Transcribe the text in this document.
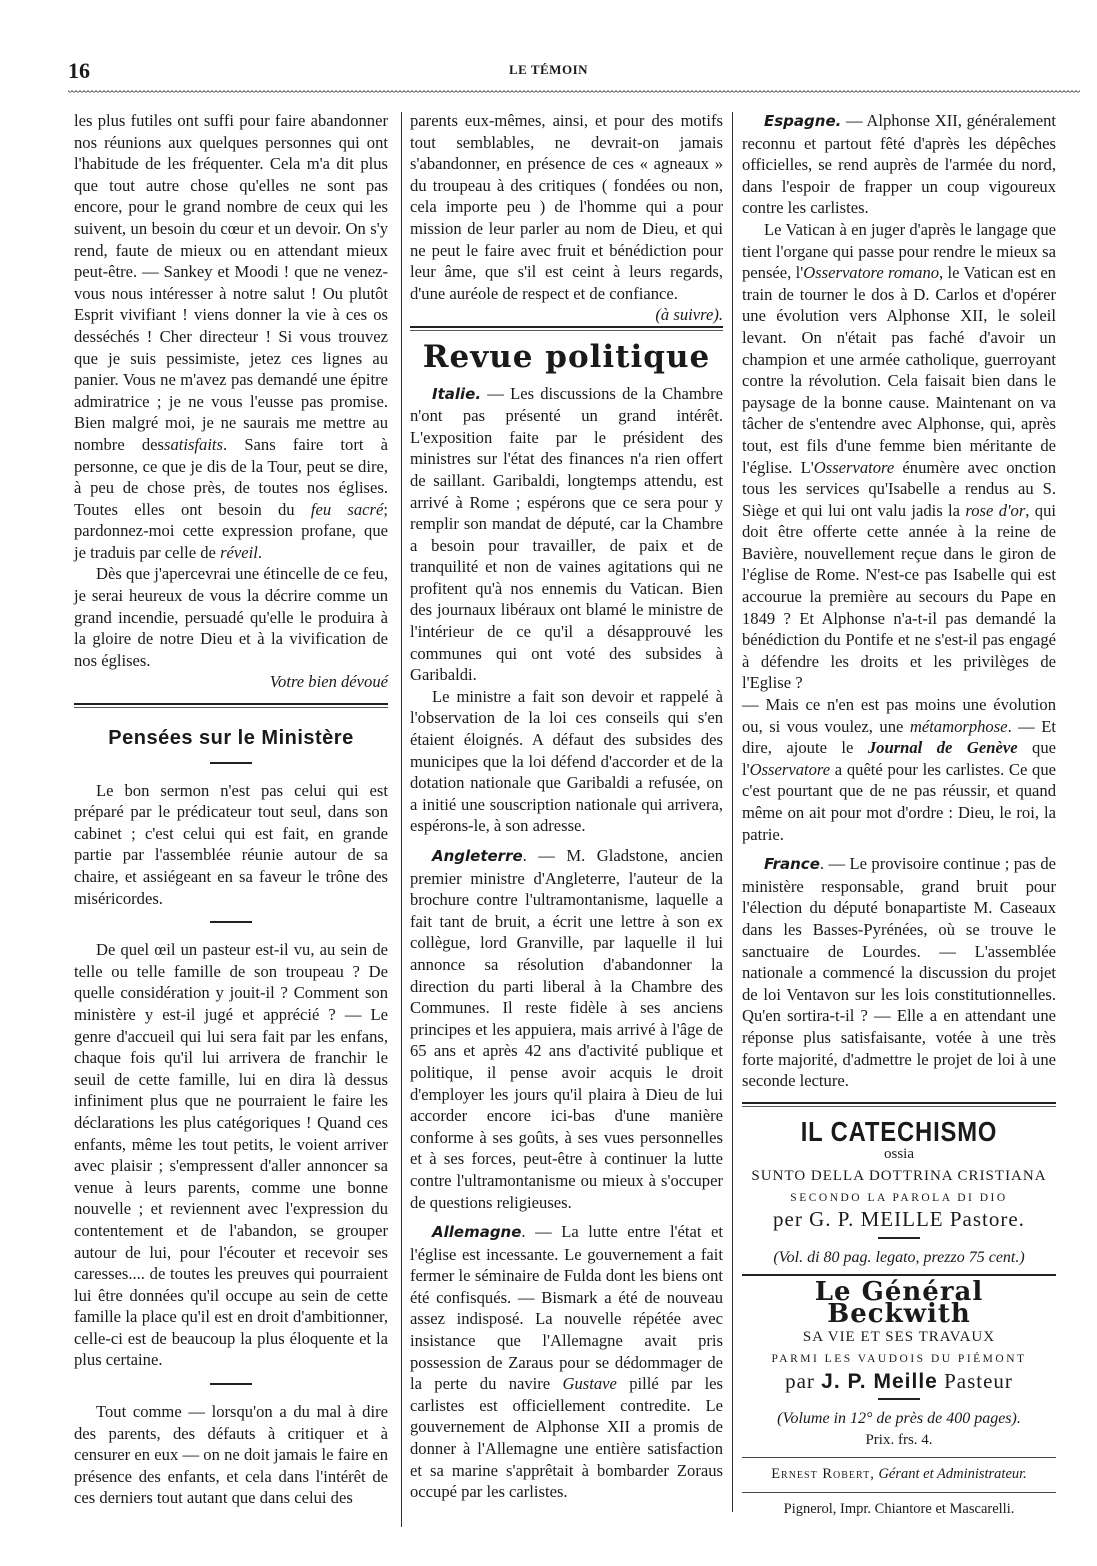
16	LE TÉMOIN

les plus futiles ont suffi pour faire abandonner nos réunions aux quelques personnes qui ont l'habitude de les fréquenter. Cela m'a dit plus que tout autre chose qu'elles ne sont pas encore, pour le grand nombre de ceux qui les suivent, un besoin du cœur et un devoir. On s'y rend, faute de mieux ou en attendant mieux peut-être. — Sankey et Moodi ! que ne venez-vous nous intéresser à notre salut ! Ou plutôt Esprit vivifiant ! viens donner la vie à ces os desséchés ! Cher directeur ! Si vous trouvez que je suis pessimiste, jetez ces lignes au panier. Vous ne m'avez pas demandé une épitre admiratrice ; je ne vous l'eusse pas promise. Bien malgré moi, je ne saurais me mettre au nombre dessatisfaits. Sans faire tort à personne, ce que je dis de la Tour, peut se dire, à peu de chose près, de toutes nos églises. Toutes elles ont besoin du feu sacré; pardonnez-moi cette expression profane, que je traduis par celle de réveil.

Dès que j'apercevrai une étincelle de ce feu, je serai heureux de vous la décrire comme un grand incendie, persuadé qu'elle le produira à la gloire de notre Dieu et à la vivification de nos églises.

Votre bien dévoué

Pensées sur le Ministère

Le bon sermon n'est pas celui qui est préparé par le prédicateur tout seul, dans son cabinet ; c'est celui qui est fait, en grande partie par l'assemblée réunie autour de sa chaire, et assiégeant en sa faveur le trône des miséricordes.

De quel œil un pasteur est-il vu, au sein de telle ou telle famille de son troupeau ? De quelle considération y jouit-il ? Comment son ministère y est-il jugé et apprécié ? — Le genre d'accueil qui lui sera fait par les enfans, chaque fois qu'il lui arrivera de franchir le seuil de cette famille, lui en dira là dessus infiniment plus que ne pourraient le faire les déclarations les plus catégoriques ! Quand ces enfants, même les tout petits, le voient arriver avec plaisir ; s'empressent d'aller annoncer sa venue à leurs parents, comme une bonne nouvelle ; et reviennent avec l'expression du contentement et de l'abandon, se grouper autour de lui, pour l'écouter et recevoir ses caresses.... de toutes les preuves qui pourraient lui être données qu'il occupe au sein de cette famille la place qu'il est en droit d'ambitionner, celle-ci est de beaucoup la plus éloquente et la plus certaine.

Tout comme — lorsqu'on a du mal à dire des parents, des défauts à critiquer et à censurer en eux — on ne doit jamais le faire en présence des enfants, et cela dans l'intérêt de ces derniers tout autant que dans celui des

parents eux-mêmes, ainsi, et pour des motifs tout semblables, ne devrait-on jamais s'abandonner, en présence de ces « agneaux » du troupeau à des critiques ( fondées ou non, cela importe peu ) de l'homme qui a pour mission de leur parler au nom de Dieu, et qui ne peut le faire avec fruit et bénédiction pour leur âme, que s'il est ceint à leurs regards, d'une auréole de respect et de confiance.
(à suivre).

Revue politique

Italie. — Les discussions de la Chambre n'ont pas présenté un grand intérêt. L'exposition faite par le président des ministres sur l'état des finances n'a rien offert de saillant. Garibaldi, longtemps attendu, est arrivé à Rome ; espérons que ce sera pour y remplir son mandat de député, car la Chambre a besoin pour travailler, de paix et de tranquilité et non de vaines agitations qui ne profitent qu'à nos ennemis du Vatican. Bien des journaux libéraux ont blamé le ministre de l'intérieur de ce qu'il a désapprouvé les communes qui ont voté des subsides à Garibaldi.

Le ministre a fait son devoir et rappelé à l'observation de la loi ces conseils qui s'en étaient éloignés. A défaut des subsides des municipes que la loi défend d'accorder et de la dotation nationale que Garibaldi a refusée, on a initié une souscription nationale qui arrivera, espérons-le, à son adresse.

Angleterre. — M. Gladstone, ancien premier ministre d'Angleterre, l'auteur de la brochure contre l'ultramontanisme, laquelle a fait tant de bruit, a écrit une lettre à son ex collègue, lord Granville, par laquelle il lui annonce sa résolution d'abandonner la direction du parti liberal à la Chambre des Communes. Il reste fidèle à ses anciens principes et les appuiera, mais arrivé à l'âge de 65 ans et après 42 ans d'activité publique et politique, il pense avoir acquis le droit d'employer les jours qu'il plaira à Dieu de lui accorder encore ici-bas d'une manière conforme à ses goûts, à ses vues personnelles et à ses forces, peut-être à continuer la lutte contre l'ultramontanisme ou mieux à s'occuper de questions religieuses.

Allemagne. — La lutte entre l'état et l'église est incessante. Le gouvernement a fait fermer le séminaire de Fulda dont les biens ont été confisqués. — Bismark a été de nouveau assez indisposé. La nouvelle répétée avec insistance que l'Allemagne avait pris possession de Zaraus pour se dédommager de la perte du navire Gustave pillé par les carlistes est officiellement contredite. Le gouvernement de Alphonse XII a promis de donner à l'Allemagne une entière satisfaction et sa marine s'apprêtait à bombarder Zoraus occupé par les carlistes.

Espagne. — Alphonse XII, généralement reconnu et partout fêté d'après les dépêches officielles, se rend auprès de l'armée du nord, dans l'espoir de frapper un coup vigoureux contre les carlistes.

Le Vatican à en juger d'après le langage que tient l'organe qui passe pour rendre le mieux sa pensée, l'Osservatore romano, le Vatican est en train de tourner le dos à D. Carlos et d'opérer une évolution vers Alphonse XII, le soleil levant. On n'était pas faché d'avoir un champion et une armée catholique, guerroyant contre la révolution. Cela faisait bien dans le paysage de la bonne cause. Maintenant on va tâcher de s'entendre avec Alphonse, qui, après tout, est fils d'une femme bien méritante de l'église. L'Osservatore énumère avec onction tous les services qu'Isabelle a rendus au S. Siège et qui lui ont valu jadis la rose d'or, qui doit être offerte cette année à la reine de Bavière, nouvellement reçue dans le giron de l'église de Rome. N'est-ce pas Isabelle qui est accourue la première au secours du Pape en 1849 ? Et Alphonse n'a-t-il pas demandé la bénédiction du Pontife et ne s'est-il pas engagé à défendre les droits et les privilèges de l'Eglise ?

— Mais ce n'en est pas moins une évolution ou, si vous voulez, une métamorphose. — Et dire, ajoute le Journal de Genève que l'Osservatore a quêté pour les carlistes. Ce que c'est pourtant que de ne pas réussir, et quand même on ait pour mot d'ordre : Dieu, le roi, la patrie.

France. — Le provisoire continue ; pas de ministère responsable, grand bruit pour l'élection du député bonapartiste M. Caseaux dans les Basses-Pyrénées, où se trouve le sanctuaire de Lourdes. — L'assemblée nationale a commencé la discussion du projet de loi Ventavon sur les lois constitutionnelles. Qu'en sortira-t-il ? — Elle a en attendant une réponse plus satisfaisante, votée à une très forte majorité, d'admettre le projet de loi à une seconde lecture.

IL CATECHISMO
ossia
SUNTO DELLA DOTTRINA CRISTIANA
SECONDO LA PAROLA DI DIO
per G. P. MEILLE Pastore.
(Vol. di 80 pag. legato, prezzo 75 cent.)
Le Général Beckwith
SA VIE ET SES TRAVAUX
PARMI LES VAUDOIS DU PIÉMONT
par J. P. Meille Pasteur
(Volume in 12° de près de 400 pages).
Prix. frs. 4.
Ernest Robert, Gérant et Administrateur.
Pignerol, Impr. Chiantore et Mascarelli.
